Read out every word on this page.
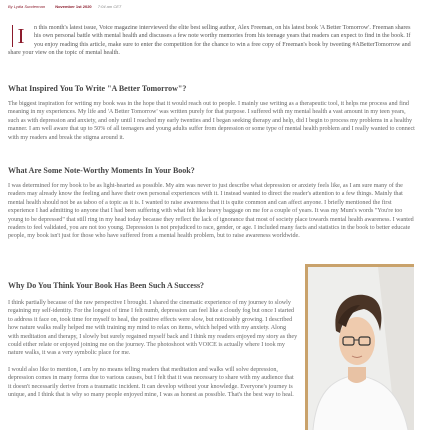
By Lydia Sunderman	November 1st 2020 7:04 am CET
I	n this month's latest issue, Voice magazine interviewed the elite best selling author, Alex Freeman, on his latest book 'A Better Tomorrow'. Freeman shares his own personal battle with mental health and discusses a few note worthy memories from his teenage years that readers can expect to find in the book. If you enjoy reading this article, make sure to enter the competition for the chance to win a free copy of Freeman's book by tweeting #ABetterTomorrow and share your view on the topic of mental health.
What Inspired You To Write "A Better Tomorrow"?

The biggest inspiration for writing my book was in the hope that it would reach out to people. I mainly use writing as a therapeutic tool, it helps me process and find meaning in my experiences. My life and 'A Better Tomorrow' was written purely for that purpose. I suffered with my mental health a vast amount in my teen years, such as with depression and anxiety, and only until I reached my early twenties and I began seeking therapy and help, did I begin to process my problems in a healthy manner. I am well aware that up to 50% of all teenagers and young adults suffer from depression or some type of mental health problem and I really wanted to connect with my readers and break the stigma around it.

What Are Some Note-Worthy Moments In Your Book?

I was determined for my book to be as light-hearted as possible. My aim was never to just describe what depression or anxiety feels like, as I am sure many of the readers may already know the feeling and have their own personal experiences with it. I instead wanted to direct the reader's attention to a few things. Mainly that mental health should not be as taboo of a topic as it is. I wanted to raise awareness that it is quite common and can affect anyone. I briefly mentioned the first experience I had admitting to anyone that I had been suffering with what felt like heavy baggage on me for a couple of years. It was my Mum's words "You're too young to be depressed" that still ring in my head today because they reflect the lack of ignorance that most of society place towards mental health awareness. I wanted readers to feel validated, you are not too young. Depression is not prejudiced to race, gender, or age. I included many facts and statistics in the book to better educate people, my book isn't just for those who have suffered from a mental health problem, but to raise awareness worldwide.

Why Do You Think Your Book Has Been Such A Success?

I think partially because of the raw perspective I brought. I shared the cinematic experience of my journey to slowly regaining my self-identity. For the longest of time I felt numb, depression can feel like a cloudy fog but once I started to address it face on, took time for myself to heal, the positive effects were slow, but noticeably growing. I described how nature walks really helped me with training my mind to relax on items, which helped with my anxiety. Along with meditation and therapy, I slowly but surely regained myself back and I think my readers enjoyed my story as they could either relate or enjoyed joining me on the journey. The photoshoot with VOICE is actually where I took my nature walks, it was a very symbolic place for me.

I would also like to mention, I am by no means telling readers that meditation and walks will solve depression, depression comes in many forms due to various causes, but I felt that it was necessary to share with my audience that it doesn't necessarily derive from a traumatic incident. It can develop without your knowledge. Everyone's journey is unique, and I think that is why so many people enjoyed mine, I was as honest as possible. That's the best way to heal.
